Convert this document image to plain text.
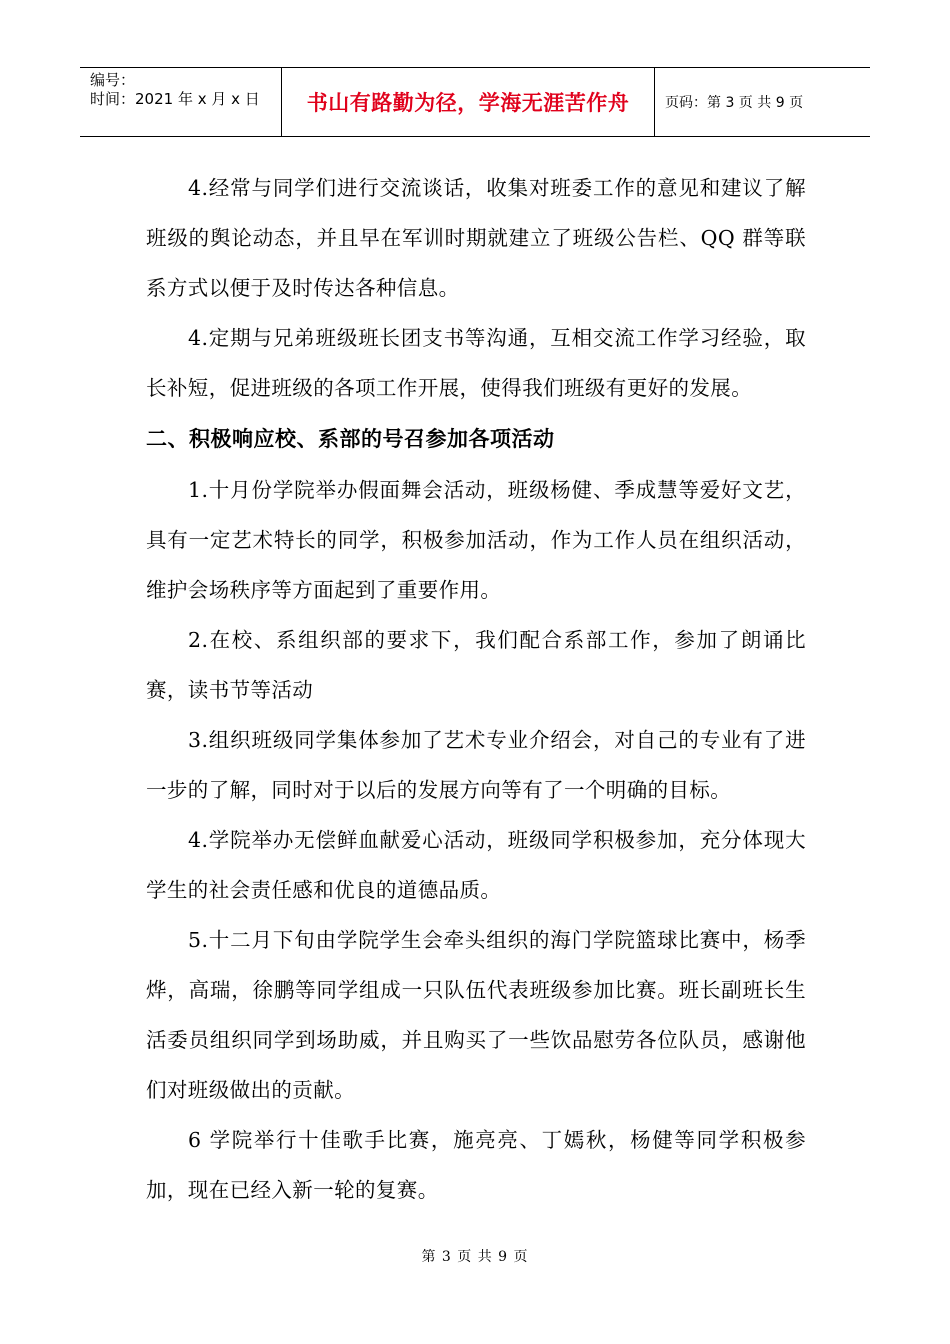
编号：
时间：2021 年 x 月 x 日	书山有路勤为径，学海无涯苦作舟	页码：第 3 页 共 9 页

4.经常与同学们进行交流谈话，收集对班委工作的意见和建议了解班级的舆论动态，并且早在军训时期就建立了班级公告栏、QQ 群等联系方式以便于及时传达各种信息。

4.定期与兄弟班级班长团支书等沟通，互相交流工作学习经验，取长补短，促进班级的各项工作开展，使得我们班级有更好的发展。

二、积极响应校、系部的号召参加各项活动

1.十月份学院举办假面舞会活动，班级杨健、季成慧等爱好文艺，具有一定艺术特长的同学，积极参加活动，作为工作人员在组织活动，维护会场秩序等方面起到了重要作用。

2.在校、系组织部的要求下，我们配合系部工作，参加了朗诵比赛，读书节等活动

3.组织班级同学集体参加了艺术专业介绍会，对自己的专业有了进一步的了解，同时对于以后的发展方向等有了一个明确的目标。

4.学院举办无偿鲜血献爱心活动，班级同学积极参加，充分体现大学生的社会责任感和优良的道德品质。

5.十二月下旬由学院学生会牵头组织的海门学院篮球比赛中，杨季烨，高瑞，徐鹏等同学组成一只队伍代表班级参加比赛。班长副班长生活委员组织同学到场助威，并且购买了一些饮品慰劳各位队员，感谢他们对班级做出的贡献。

6 学院举行十佳歌手比赛，施亮亮、丁嫣秋，杨健等同学积极参加，现在已经入新一轮的复赛。

第 3 页 共 9 页
